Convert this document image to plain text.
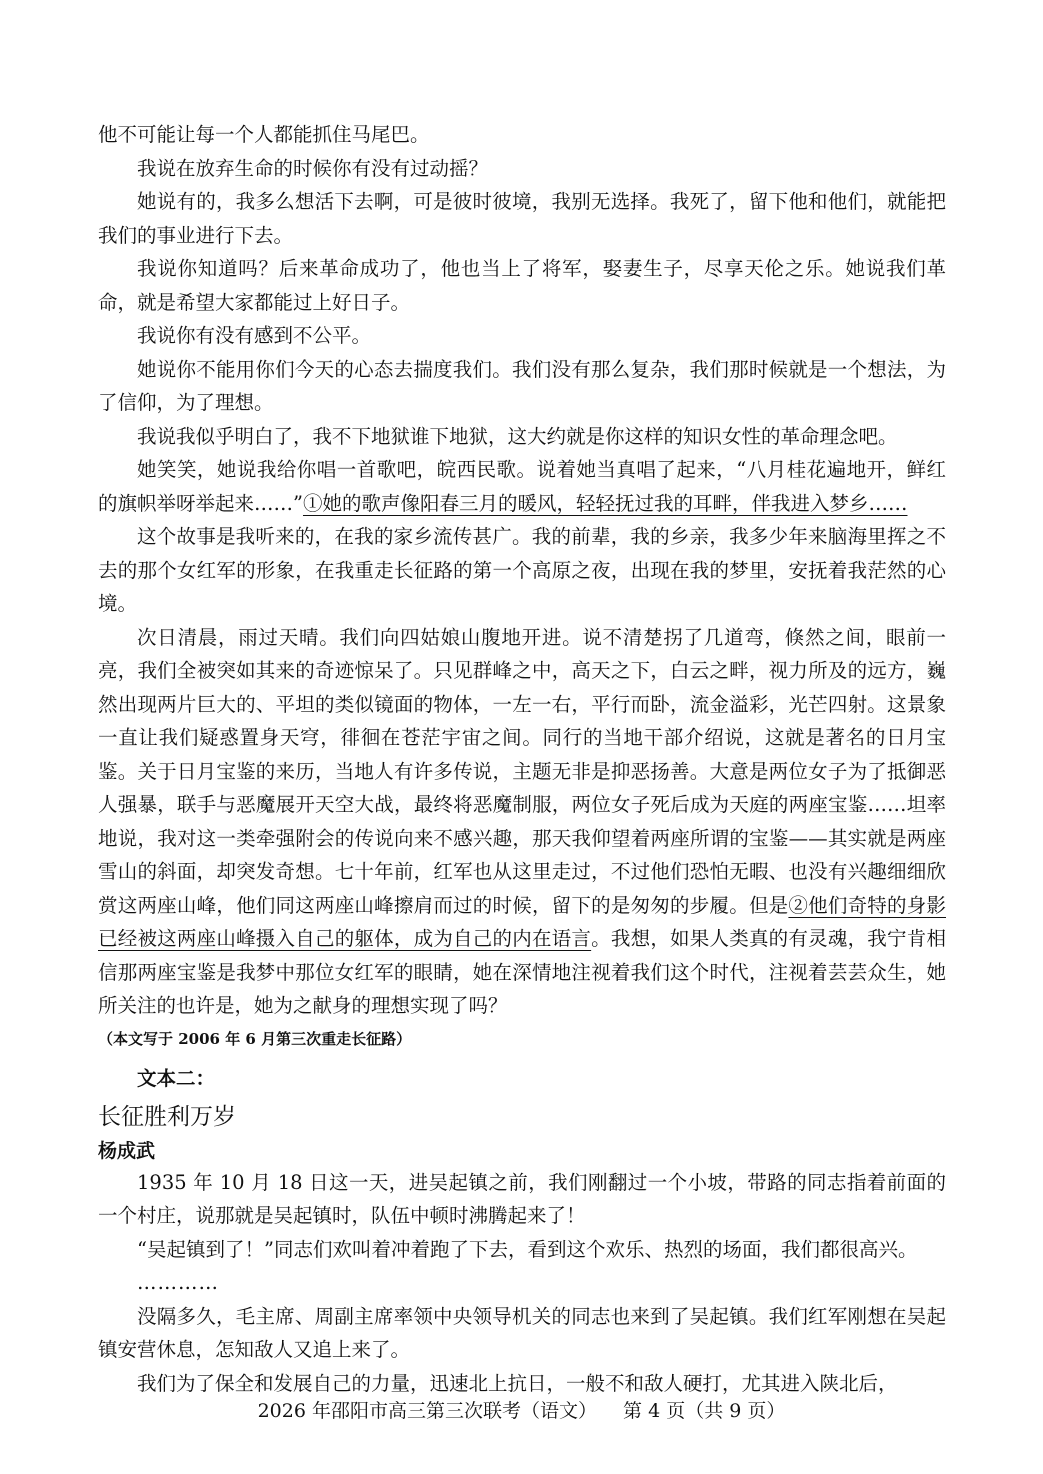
他不可能让每一个人都能抓住马尾巴。

我说在放弃生命的时候你有没有过动摇？

她说有的，我多么想活下去啊，可是彼时彼境，我别无选择。我死了，留下他和他们，就能把我们的事业进行下去。

我说你知道吗？后来革命成功了，他也当上了将军，娶妻生子，尽享天伦之乐。她说我们革命，就是希望大家都能过上好日子。

我说你有没有感到不公平。

她说你不能用你们今天的心态去揣度我们。我们没有那么复杂，我们那时候就是一个想法，为了信仰，为了理想。

我说我似乎明白了，我不下地狱谁下地狱，这大约就是你这样的知识女性的革命理念吧。

她笑笑，她说我给你唱一首歌吧，皖西民歌。说着她当真唱了起来，“八月桂花遍地开，鲜红的旗帜举呀举起来……”①她的歌声像阳春三月的暖风，轻轻抚过我的耳畔，伴我进入梦乡……

这个故事是我听来的，在我的家乡流传甚广。我的前辈，我的乡亲，我多少年来脑海里挥之不去的那个女红军的形象，在我重走长征路的第一个高原之夜，出现在我的梦里，安抚着我茫然的心境。

次日清晨，雨过天晴。我们向四姑娘山腹地开进。说不清楚拐了几道弯，倏然之间，眼前一亮，我们全被突如其来的奇迹惊呆了。只见群峰之中，高天之下，白云之畔，视力所及的远方，巍然出现两片巨大的、平坦的类似镜面的物体，一左一右，平行而卧，流金溢彩，光芒四射。这景象一直让我们疑惑置身天穹，徘徊在苍茫宇宙之间。同行的当地干部介绍说，这就是著名的日月宝鉴。关于日月宝鉴的来历，当地人有许多传说，主题无非是抑恶扬善。大意是两位女子为了抵御恶人强暴，联手与恶魔展开天空大战，最终将恶魔制服，两位女子死后成为天庭的两座宝鉴……坦率地说，我对这一类牵强附会的传说向来不感兴趣，那天我仰望着两座所谓的宝鉴——其实就是两座雪山的斜面，却突发奇想。七十年前，红军也从这里走过，不过他们恐怕无暇、也没有兴趣细细欣赏这两座山峰，他们同这两座山峰擦肩而过的时候，留下的是匆匆的步履。但是②他们奇特的身影已经被这两座山峰摄入自己的躯体，成为自己的内在语言。我想，如果人类真的有灵魂，我宁肯相信那两座宝鉴是我梦中那位女红军的眼睛，她在深情地注视着我们这个时代，注视着芸芸众生，她所关注的也许是，她为之献身的理想实现了吗？

（本文写于 2006 年 6 月第三次重走长征路）

文本二：

长征胜利万岁

杨成武

1935 年 10 月 18 日这一天，进吴起镇之前，我们刚翻过一个小坡，带路的同志指着前面的一个村庄，说那就是吴起镇时，队伍中顿时沸腾起来了！

“吴起镇到了！”同志们欢叫着冲着跑了下去，看到这个欢乐、热烈的场面，我们都很高兴。

…………

没隔多久，毛主席、周副主席率领中央领导机关的同志也来到了吴起镇。我们红军刚想在吴起镇安营休息，怎知敌人又追上来了。

我们为了保全和发展自己的力量，迅速北上抗日，一般不和敌人硬打，尤其进入陕北后，

2026 年邵阳市高三第三次联考（语文） 第 4 页（共 9 页）
